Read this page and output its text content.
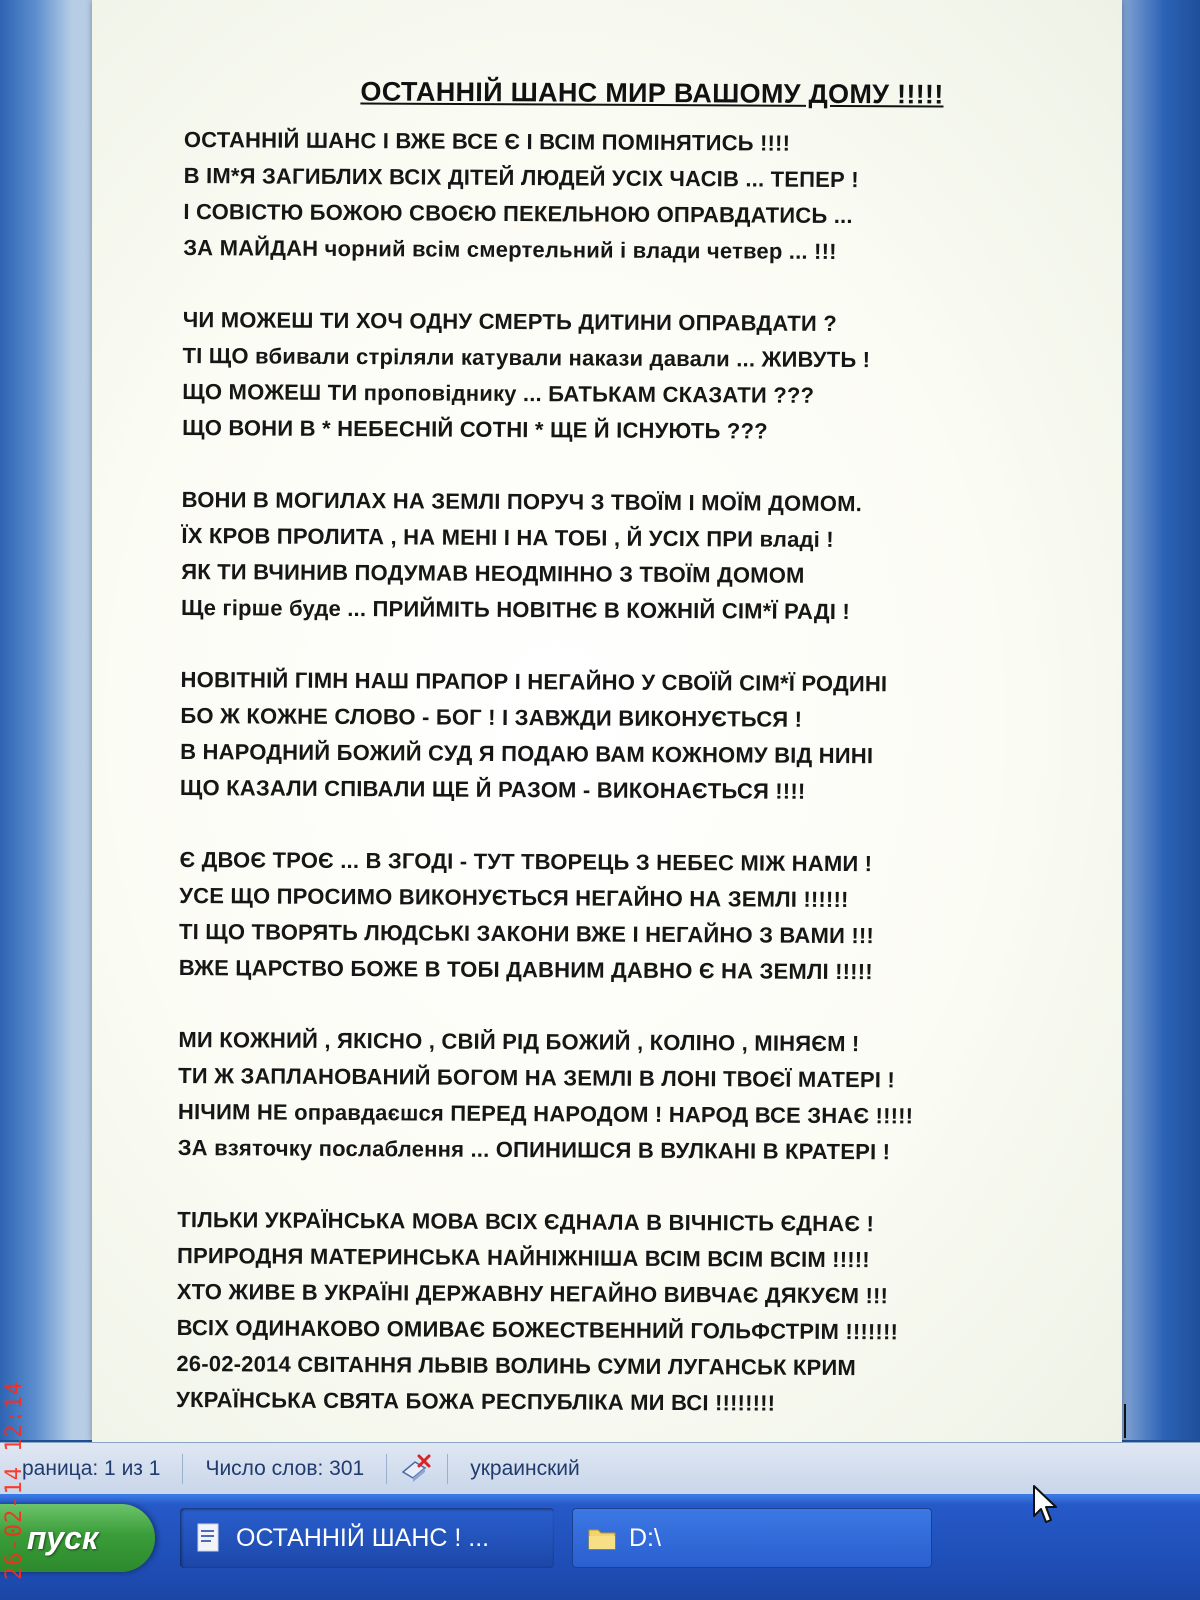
ОСТАННІЙ ШАНС МИР ВАШОМУ ДОМУ !!!!!
ОСТАННІЙ ШАНС І ВЖЕ ВСЕ Є І ВСІМ ПОМІНЯТИСЬ !!!!
В ІМ*Я ЗАГИБЛИХ ВСІХ ДІТЕЙ ЛЮДЕЙ УСІХ ЧАСІВ ... ТЕПЕР !
І СОВІСТЮ БОЖОЮ СВОЄЮ ПЕКЕЛЬНОЮ ОПРАВДАТИСЬ ...
ЗА МАЙДАН чорний всім смертельний і влади четвер ... !!!
ЧИ МОЖЕШ ТИ ХОЧ ОДНУ СМЕРТЬ ДИТИНИ ОПРАВДАТИ ?
ТІ ЩО вбивали стріляли катували накази давали ... ЖИВУТЬ !
ЩО МОЖЕШ ТИ проповіднику ... БАТЬКАМ СКАЗАТИ ???
ЩО ВОНИ В * НЕБЕСНІЙ СОТНІ * ЩЕ Й ІСНУЮТЬ ???
ВОНИ В МОГИЛАХ НА ЗЕМЛІ ПОРУЧ З ТВОЇМ І МОЇМ ДОМОМ.
ЇХ КРОВ ПРОЛИТА , НА МЕНІ І НА ТОБІ , Й УСІХ ПРИ владі !
ЯК ТИ ВЧИНИВ ПОДУМАВ НЕОДМІННО З ТВОЇМ ДОМОМ
Ще гірше буде ... ПРИЙМІТЬ НОВІТНЄ В КОЖНІЙ СІМ*Ї РАДІ !
НОВІТНІЙ ГІМН НАШ ПРАПОР І НЕГАЙНО У СВОЇЙ СІМ*Ї РОДИНІ
БО Ж КОЖНЕ СЛОВО - БОГ ! І ЗАВЖДИ ВИКОНУЄТЬСЯ !
В НАРОДНИЙ БОЖИЙ СУД Я ПОДАЮ ВАМ КОЖНОМУ ВІД НИНІ
ЩО КАЗАЛИ СПІВАЛИ ЩЕ Й РАЗОМ - ВИКОНАЄТЬСЯ !!!!
Є ДВОЄ ТРОЄ ... В ЗГОДІ - ТУТ ТВОРЕЦЬ З НЕБЕС МІЖ НАМИ !
УСЕ ЩО ПРОСИМО ВИКОНУЄТЬСЯ НЕГАЙНО НА ЗЕМЛІ !!!!!!
ТІ ЩО ТВОРЯТЬ ЛЮДСЬКІ ЗАКОНИ ВЖЕ І НЕГАЙНО З ВАМИ !!!
ВЖЕ ЦАРСТВО БОЖЕ В ТОБІ ДАВНИМ ДАВНО Є НА ЗЕМЛІ !!!!!
МИ КОЖНИЙ , ЯКІСНО , СВІЙ РІД БОЖИЙ , КОЛІНО , МІНЯЄМ !
ТИ Ж ЗАПЛАНОВАНИЙ БОГОМ НА ЗЕМЛІ В ЛОНІ ТВОЄЇ МАТЕРІ !
НІЧИМ НЕ оправдаєшся ПЕРЕД НАРОДОМ ! НАРОД ВСЕ ЗНАЄ !!!!!
ЗА взяточку послаблення ... ОПИНИШСЯ В ВУЛКАНІ В КРАТЕРІ !
ТІЛЬКИ УКРАЇНСЬКА МОВА ВСІХ ЄДНАЛА В ВІЧНІСТЬ ЄДНАЄ !
ПРИРОДНЯ МАТЕРИНСЬКА НАЙНІЖНІША ВСІМ ВСІМ ВСІМ !!!!!
ХТО ЖИВЕ В УКРАЇНІ ДЕРЖАВНУ НЕГАЙНО ВИВЧАЄ ДЯКУЄМ !!!
ВСІХ ОДИНАКОВО ОМИВАЄ БОЖЕСТВЕННИЙ ГОЛЬФСТРІМ !!!!!!!
26-02-2014 СВІТАННЯ ЛЬВІВ ВОЛИНЬ СУМИ ЛУГАНСЬК КРИМ
УКРАЇНСЬКА СВЯТА БОЖА РЕСПУБЛІКА МИ ВСІ !!!!!!!!
раница: 1 из 1	Число слов: 301	украинский
пуск	ОСТАННІЙ ШАНС ! ...	D:\
26-02-14 12:14
